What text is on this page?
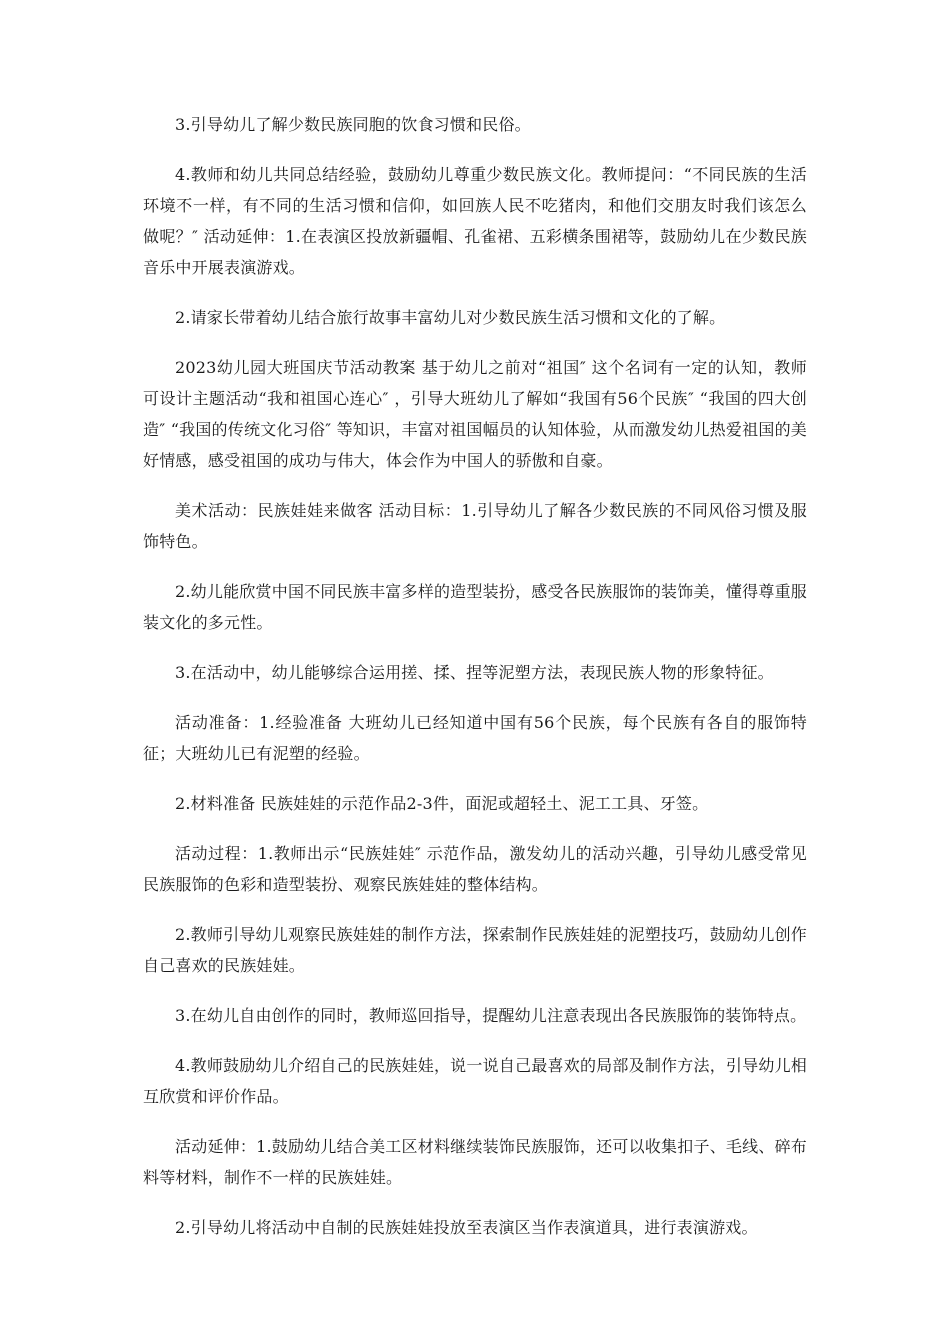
3.引导幼儿了解少数民族同胞的饮食习惯和民俗。

4.教师和幼儿共同总结经验，鼓励幼儿尊重少数民族文化。教师提问：“不同民族的生活环境不一样，有不同的生活习惯和信仰，如回族人民不吃猪肉，和他们交朋友时我们该怎么做呢？″ 活动延伸：1.在表演区投放新疆帽、孔雀裙、五彩横条围裙等，鼓励幼儿在少数民族音乐中开展表演游戏。

2.请家长带着幼儿结合旅行故事丰富幼儿对少数民族生活习惯和文化的了解。

2023幼儿园大班国庆节活动教案 基于幼儿之前对“祖国″ 这个名词有一定的认知，教师可设计主题活动“我和祖国心连心″ ，引导大班幼儿了解如“我国有56个民族″ “我国的四大创造″ “我国的传统文化习俗″ 等知识，丰富对祖国幅员的认知体验，从而激发幼儿热爱祖国的美好情感，感受祖国的成功与伟大，体会作为中国人的骄傲和自豪。

美术活动：民族娃娃来做客 活动目标：1.引导幼儿了解各少数民族的不同风俗习惯及服饰特色。

2.幼儿能欣赏中国不同民族丰富多样的造型装扮，感受各民族服饰的装饰美，懂得尊重服装文化的多元性。

3.在活动中，幼儿能够综合运用搓、揉、捏等泥塑方法，表现民族人物的形象特征。

活动准备：1.经验准备 大班幼儿已经知道中国有56个民族，每个民族有各自的服饰特征；大班幼儿已有泥塑的经验。

2.材料准备 民族娃娃的示范作品2-3件，面泥或超轻土、泥工工具、牙签。

活动过程：1.教师出示“民族娃娃″ 示范作品，激发幼儿的活动兴趣，引导幼儿感受常见民族服饰的色彩和造型装扮、观察民族娃娃的整体结构。

2.教师引导幼儿观察民族娃娃的制作方法，探索制作民族娃娃的泥塑技巧，鼓励幼儿创作自己喜欢的民族娃娃。

3.在幼儿自由创作的同时，教师巡回指导，提醒幼儿注意表现出各民族服饰的装饰特点。

4.教师鼓励幼儿介绍自己的民族娃娃，说一说自己最喜欢的局部及制作方法，引导幼儿相互欣赏和评价作品。

活动延伸：1.鼓励幼儿结合美工区材料继续装饰民族服饰，还可以收集扣子、毛线、碎布料等材料，制作不一样的民族娃娃。

2.引导幼儿将活动中自制的民族娃娃投放至表演区当作表演道具，进行表演游戏。
